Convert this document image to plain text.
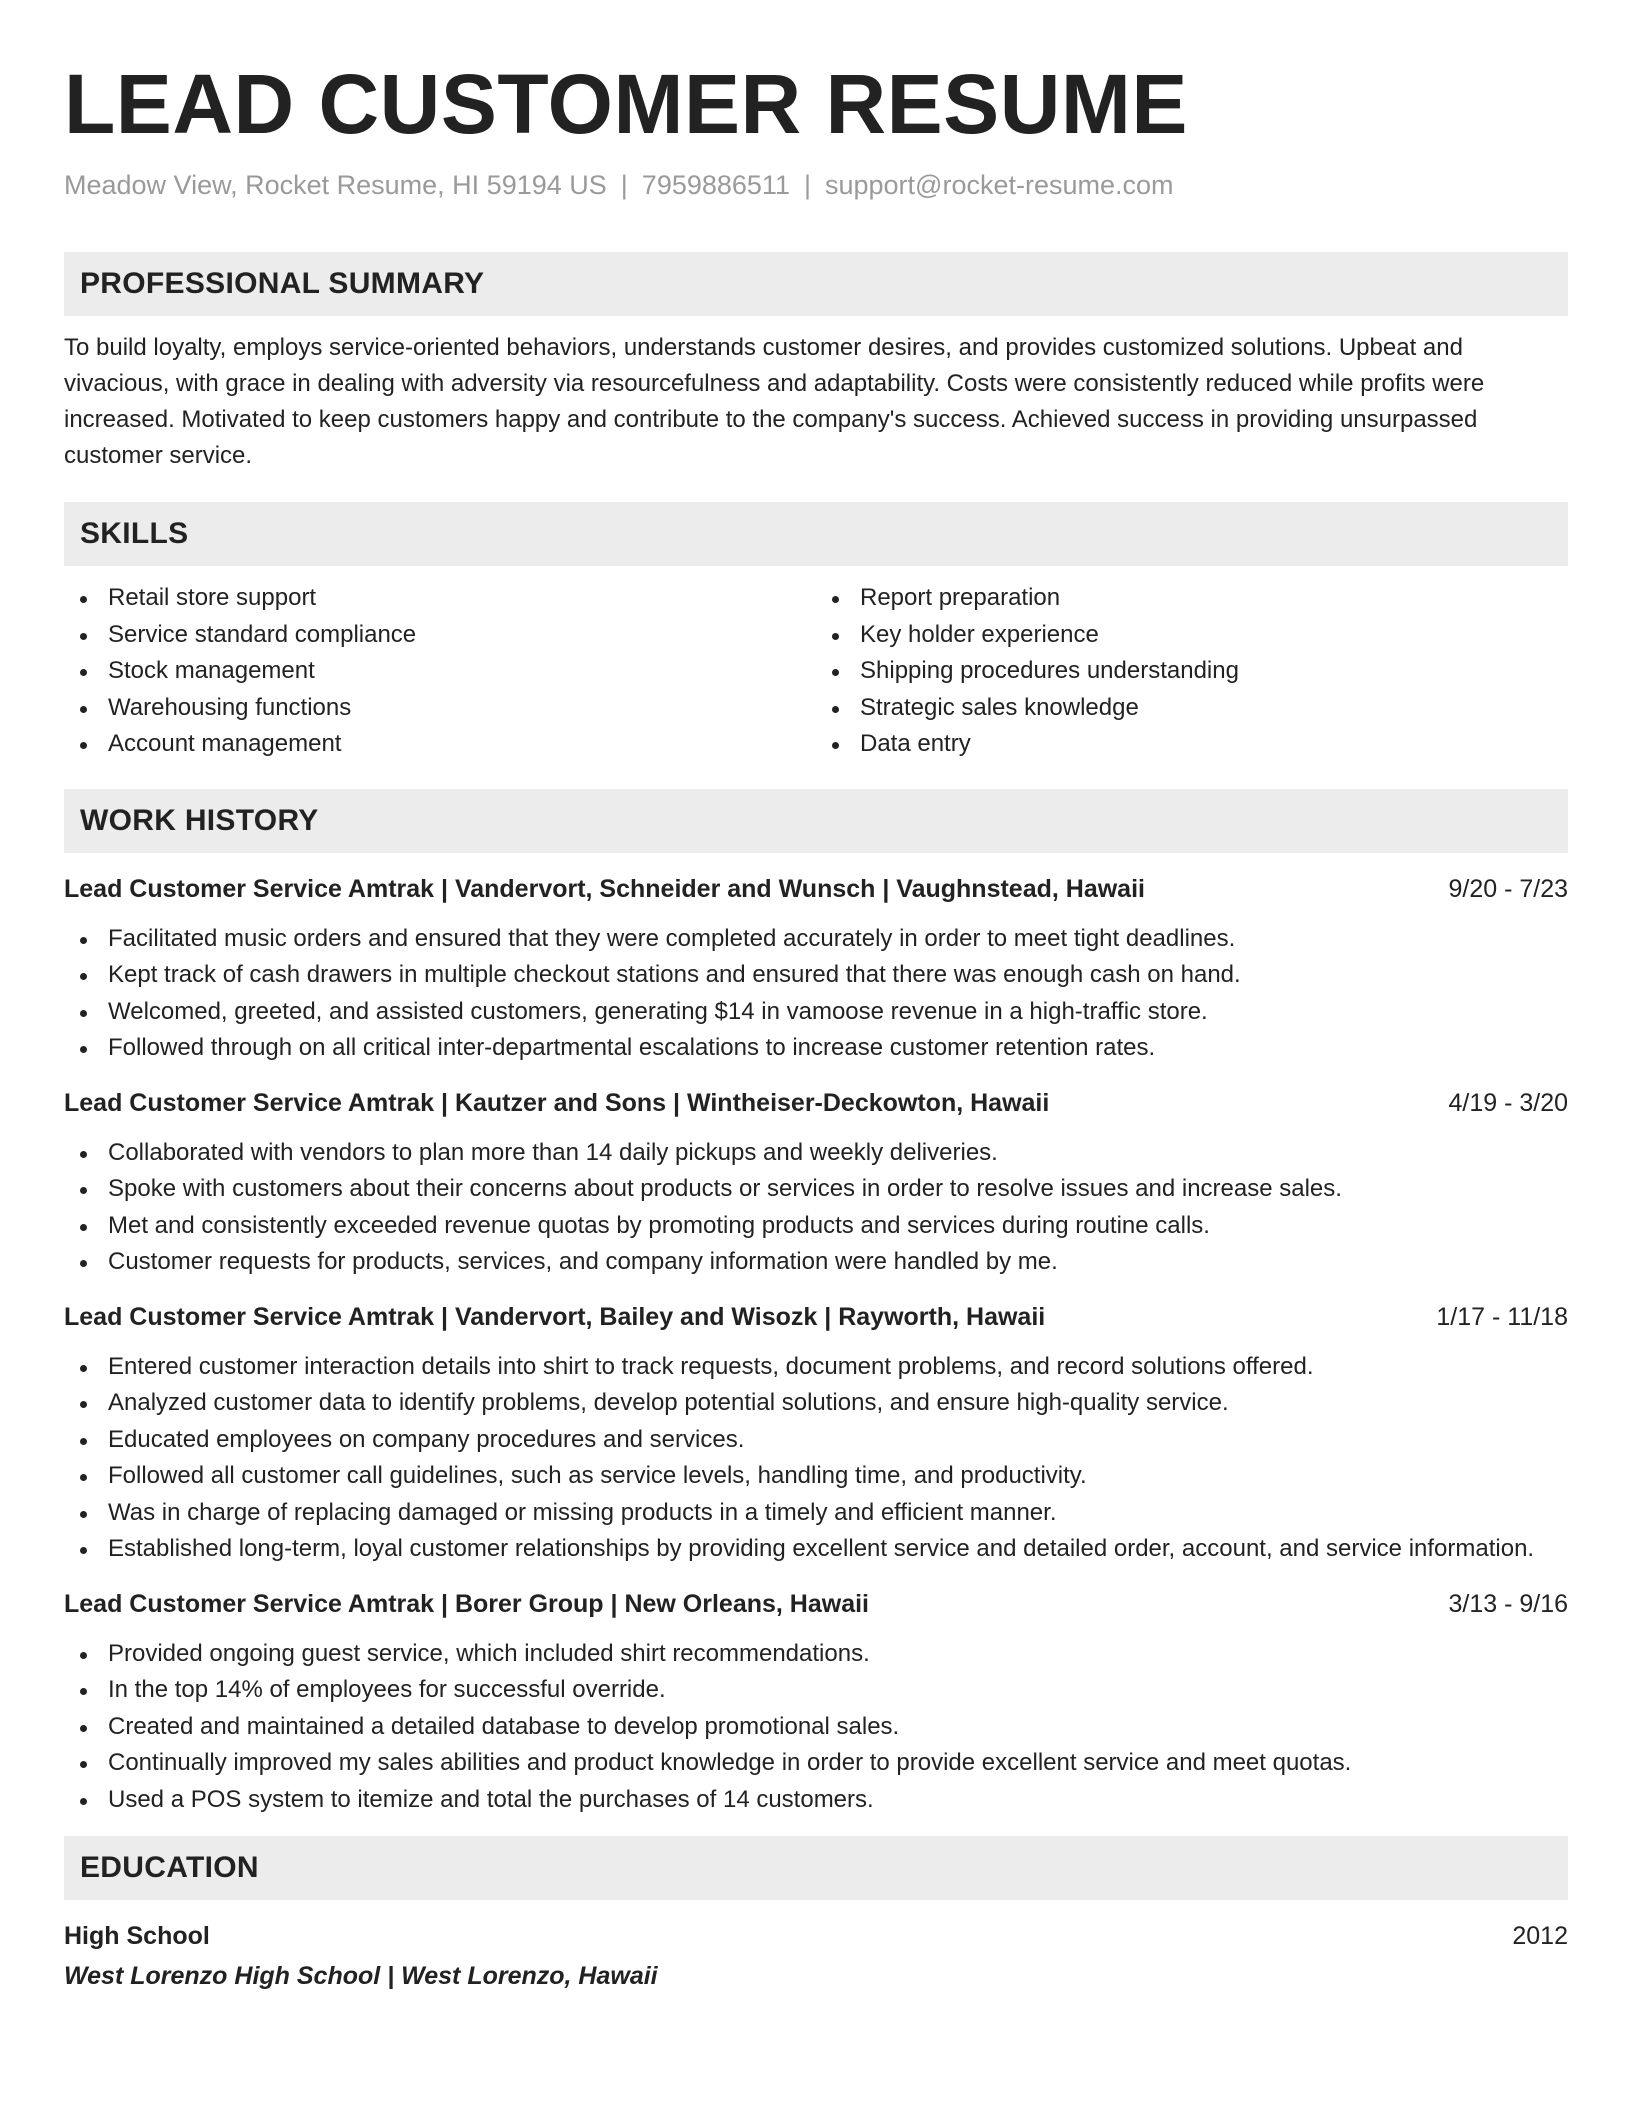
LEAD CUSTOMER RESUME
Meadow View, Rocket Resume, HI 59194 US | 7959886511 | support@rocket-resume.com
PROFESSIONAL SUMMARY

To build loyalty, employs service-oriented behaviors, understands customer desires, and provides customized solutions. Upbeat and vivacious, with grace in dealing with adversity via resourcefulness and adaptability. Costs were consistently reduced while profits were increased. Motivated to keep customers happy and contribute to the company's success. Achieved success in providing unsurpassed customer service.

SKILLS
Retail store support
Service standard compliance
Stock management
Warehousing functions
Account management
Report preparation
Key holder experience
Shipping procedures understanding
Strategic sales knowledge
Data entry
WORK HISTORY
Lead Customer Service Amtrak | Vandervort, Schneider and Wunsch | Vaughnstead, Hawaii	9/20 - 7/23
Facilitated music orders and ensured that they were completed accurately in order to meet tight deadlines.
Kept track of cash drawers in multiple checkout stations and ensured that there was enough cash on hand.
Welcomed, greeted, and assisted customers, generating $14 in vamoose revenue in a high-traffic store.
Followed through on all critical inter-departmental escalations to increase customer retention rates.
Lead Customer Service Amtrak | Kautzer and Sons | Wintheiser-Deckowton, Hawaii	4/19 - 3/20
Collaborated with vendors to plan more than 14 daily pickups and weekly deliveries.
Spoke with customers about their concerns about products or services in order to resolve issues and increase sales.
Met and consistently exceeded revenue quotas by promoting products and services during routine calls.
Customer requests for products, services, and company information were handled by me.
Lead Customer Service Amtrak | Vandervort, Bailey and Wisozk | Rayworth, Hawaii	1/17 - 11/18
Entered customer interaction details into shirt to track requests, document problems, and record solutions offered.
Analyzed customer data to identify problems, develop potential solutions, and ensure high-quality service.
Educated employees on company procedures and services.
Followed all customer call guidelines, such as service levels, handling time, and productivity.
Was in charge of replacing damaged or missing products in a timely and efficient manner.
Established long-term, loyal customer relationships by providing excellent service and detailed order, account, and service information.
Lead Customer Service Amtrak | Borer Group | New Orleans, Hawaii	3/13 - 9/16
Provided ongoing guest service, which included shirt recommendations.
In the top 14% of employees for successful override.
Created and maintained a detailed database to develop promotional sales.
Continually improved my sales abilities and product knowledge in order to provide excellent service and meet quotas.
Used a POS system to itemize and total the purchases of 14 customers.
EDUCATION
High School	2012
West Lorenzo High School | West Lorenzo, Hawaii
